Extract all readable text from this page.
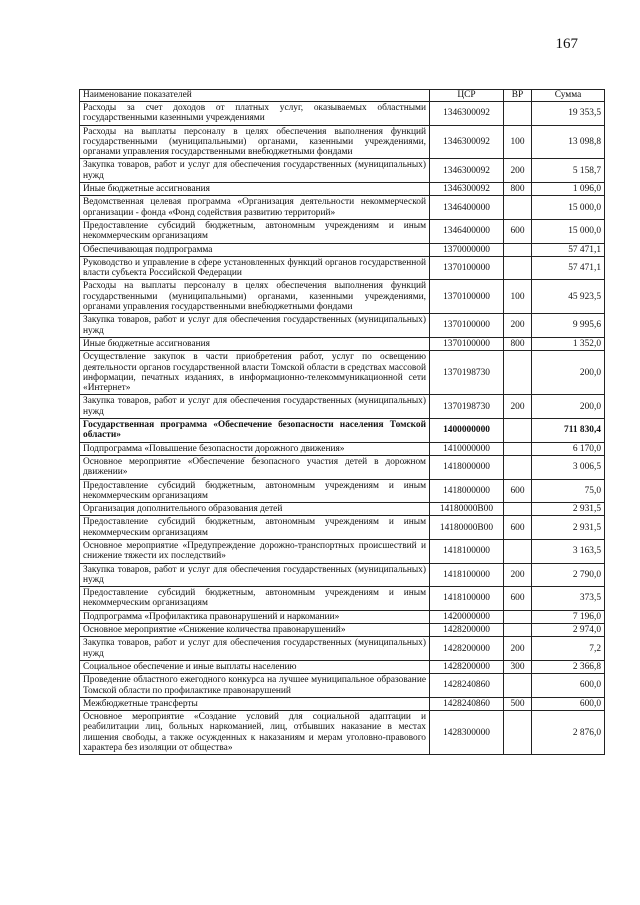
167
Наименование показателей	ЦСР	ВР	Сумма
Расходы за счет доходов от платных услуг, оказываемых областными государственными казенными учреждениями	1346300092		19 353,5
Расходы на выплаты персоналу в целях обеспечения выполнения функций государственными (муниципальными) органами, казенными учреждениями, органами управления государственными внебюджетными фондами	1346300092	100	13 098,8
Закупка товаров, работ и услуг для обеспечения государственных (муниципальных) нужд	1346300092	200	5 158,7
Иные бюджетные ассигнования	1346300092	800	1 096,0
Ведомственная целевая программа «Организация деятельности некоммерческой организации - фонда «Фонд содействия развитию территорий»	1346400000		15 000,0
Предоставление субсидий бюджетным, автономным учреждениям и иным некоммерческим организациям	1346400000	600	15 000,0
Обеспечивающая подпрограмма	1370000000		57 471,1
Руководство и управление в сфере установленных функций органов государственной власти субъекта Российской Федерации	1370100000		57 471,1
Расходы на выплаты персоналу в целях обеспечения выполнения функций государственными (муниципальными) органами, казенными учреждениями, органами управления государственными внебюджетными фондами	1370100000	100	45 923,5
Закупка товаров, работ и услуг для обеспечения государственных (муниципальных) нужд	1370100000	200	9 995,6
Иные бюджетные ассигнования	1370100000	800	1 352,0
Осуществление закупок в части приобретения работ, услуг по освещению деятельности органов государственной власти Томской области в средствах массовой информации, печатных изданиях, в информационно-телекоммуникационной сети «Интернет»	1370198730		200,0
Закупка товаров, работ и услуг для обеспечения государственных (муниципальных) нужд	1370198730	200	200,0
Государственная программа «Обеспечение безопасности населения Томской области»	1400000000		711 830,4
Подпрограмма «Повышение безопасности дорожного движения»	1410000000		6 170,0
Основное мероприятие «Обеспечение безопасного участия детей в дорожном движении»	1418000000		3 006,5
Предоставление субсидий бюджетным, автономным учреждениям и иным некоммерческим организациям	1418000000	600	75,0
Организация дополнительного образования детей	14180000В00		2 931,5
Предоставление субсидий бюджетным, автономным учреждениям и иным некоммерческим организациям	14180000В00	600	2 931,5
Основное мероприятие «Предупреждение дорожно-транспортных происшествий и снижение тяжести их последствий»	1418100000		3 163,5
Закупка товаров, работ и услуг для обеспечения государственных (муниципальных) нужд	1418100000	200	2 790,0
Предоставление субсидий бюджетным, автономным учреждениям и иным некоммерческим организациям	1418100000	600	373,5
Подпрограмма «Профилактика правонарушений и наркомании»	1420000000		7 196,0
Основное мероприятие «Снижение количества правонарушений»	1428200000		2 974,0
Закупка товаров, работ и услуг для обеспечения государственных (муниципальных) нужд	1428200000	200	7,2
Социальное обеспечение и иные выплаты населению	1428200000	300	2 366,8
Проведение областного ежегодного конкурса на лучшее муниципальное образование Томской области по профилактике правонарушений	1428240860		600,0
Межбюджетные трансферты	1428240860	500	600,0
Основное мероприятие «Создание условий для социальной адаптации и реабилитации лиц, больных наркоманией, лиц, отбывших наказание в местах лишения свободы, а также осужденных к наказаниям и мерам уголовно-правового характера без изоляции от общества»	1428300000		2 876,0
